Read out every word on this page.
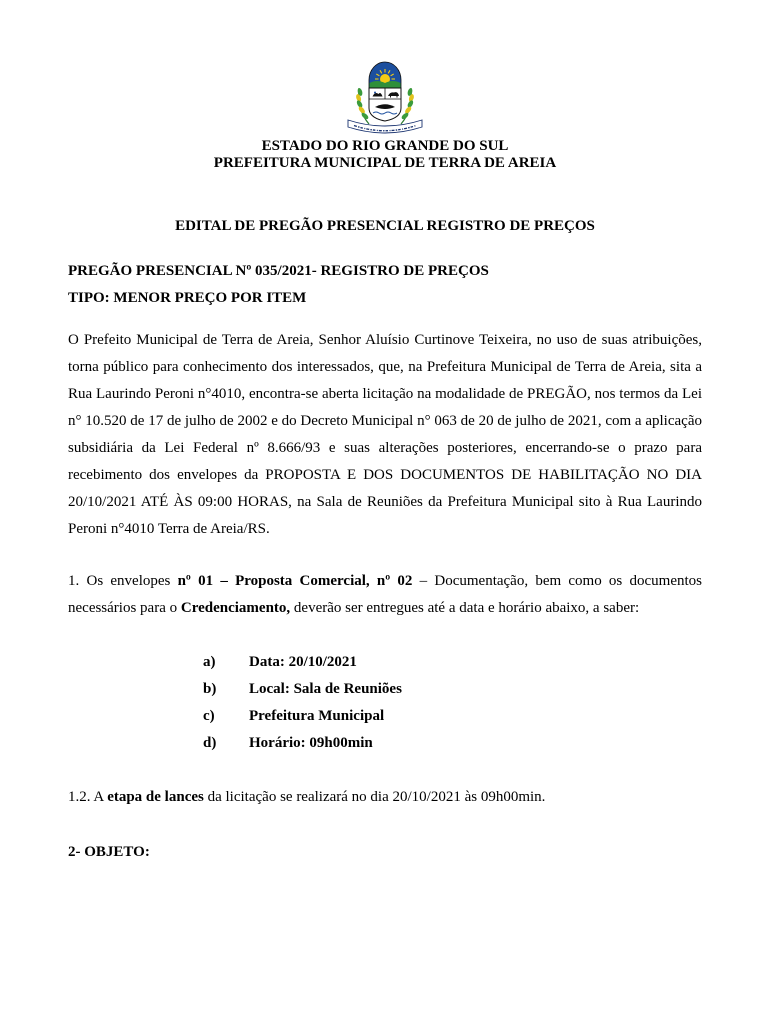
ESTADO DO RIO GRANDE DO SUL
PREFEITURA MUNICIPAL DE TERRA DE AREIA
EDITAL DE PREGÃO PRESENCIAL REGISTRO DE PREÇOS
PREGÃO PRESENCIAL Nº 035/2021- REGISTRO DE PREÇOS
TIPO: MENOR PREÇO POR ITEM
O Prefeito Municipal de Terra de Areia, Senhor Aluísio Curtinove Teixeira, no uso de suas atribuições,
torna público para conhecimento dos interessados, que, na Prefeitura Municipal de Terra de Areia, sita a
Rua Laurindo Peroni n°4010, encontra-se aberta licitação na modalidade de PREGÃO, nos termos da Lei
n° 10.520 de 17 de julho de 2002 e do Decreto Municipal n° 063 de 20 de julho de 2021, com a aplicação
subsidiária da Lei Federal nº 8.666/93 e suas alterações posteriores, encerrando-se o prazo para
recebimento dos envelopes da PROPOSTA E DOS DOCUMENTOS DE HABILITAÇÃO NO DIA
20/10/2021 ATÉ ÀS 09:00 HORAS, na Sala de Reuniões da Prefeitura Municipal sito à Rua Laurindo
Peroni n°4010 Terra de Areia/RS.
1. Os envelopes nº 01 – Proposta Comercial, nº 02 – Documentação, bem como os documentos
necessários para o Credenciamento, deverão ser entregues até a data e horário abaixo, a saber:
a) Data: 20/10/2021
b) Local: Sala de Reuniões
c) Prefeitura Municipal
d) Horário: 09h00min
1.2. A etapa de lances da licitação se realizará no dia 20/10/2021 às 09h00min.
2- OBJETO:
